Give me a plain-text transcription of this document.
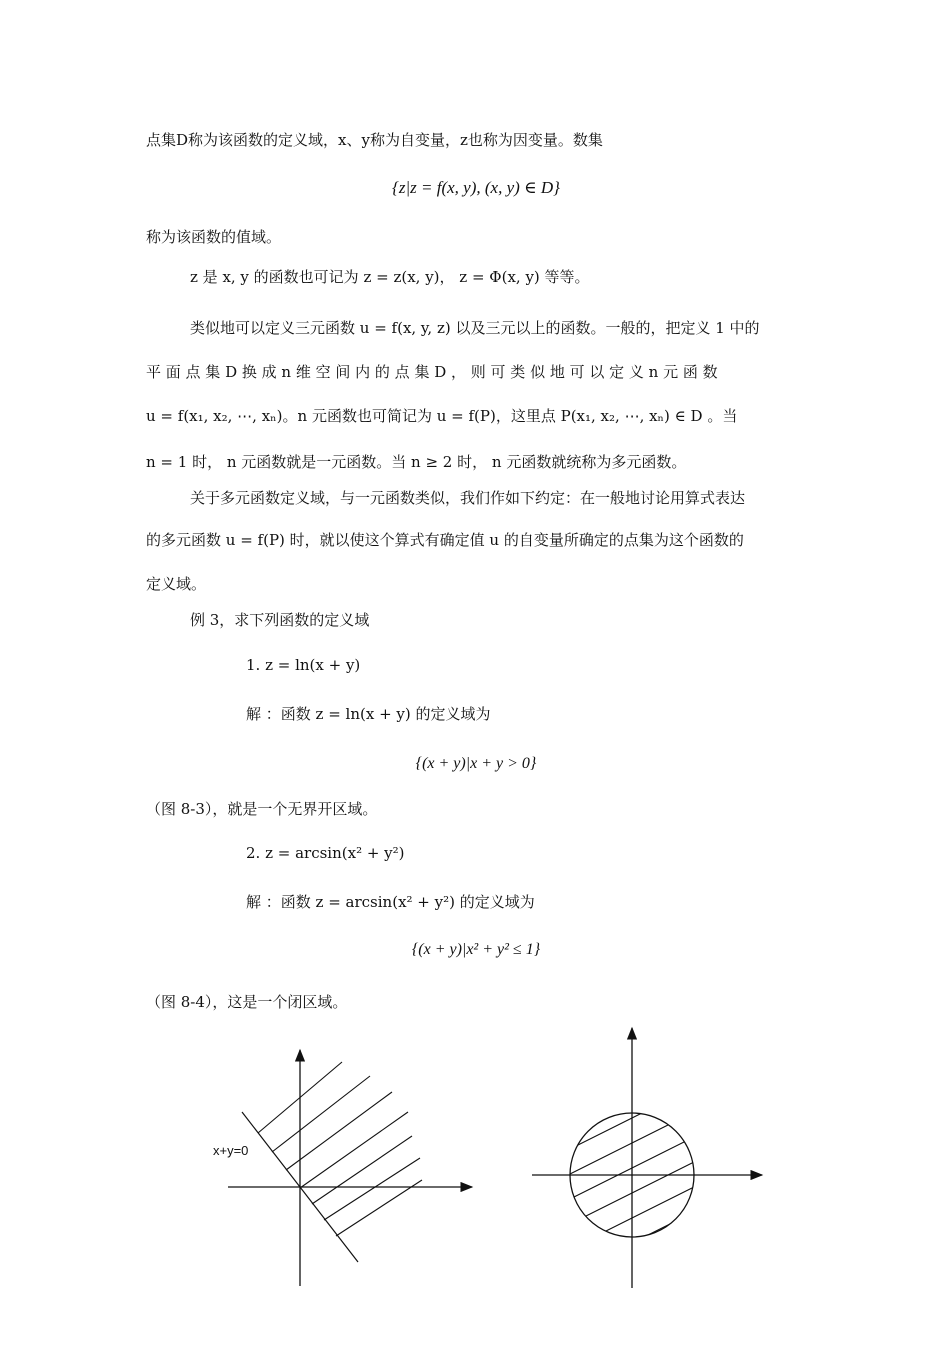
点集D称为该函数的定义域，x、y称为自变量，z也称为因变量。数集
{z|z = f(x, y), (x, y) ∈ D}
称为该函数的值域。
z 是 x, y 的函数也可记为 z = z(x, y)， z = Φ(x, y) 等等。
类似地可以定义三元函数 u = f(x, y, z) 以及三元以上的函数。一般的，把定义 1 中的
平 面 点 集 D 换 成 n 维 空 间 内 的 点 集 D ， 则 可 类 似 地 可 以 定 义 n 元 函 数
u = f(x₁, x₂, ⋯, xₙ)。n 元函数也可简记为 u = f(P)，这里点 P(x₁, x₂, ⋯, xₙ) ∈ D 。当
n = 1 时， n 元函数就是一元函数。当 n ≥ 2 时， n 元函数就统称为多元函数。
关于多元函数定义域，与一元函数类似，我们作如下约定：在一般地讨论用算式表达
的多元函数 u = f(P) 时，就以使这个算式有确定值 u 的自变量所确定的点集为这个函数的
定义域。
例 3，求下列函数的定义域
1. z = ln(x + y)
解 ：函数 z = ln(x + y) 的定义域为
{(x + y)|x + y > 0}
（图 8-3），就是一个无界开区域。
2. z = arcsin(x² + y²)
解 ：函数 z = arcsin(x² + y²) 的定义域为
{(x + y)|x² + y² ≤ 1}
（图 8-4），这是一个闭区域。
x+y=0
